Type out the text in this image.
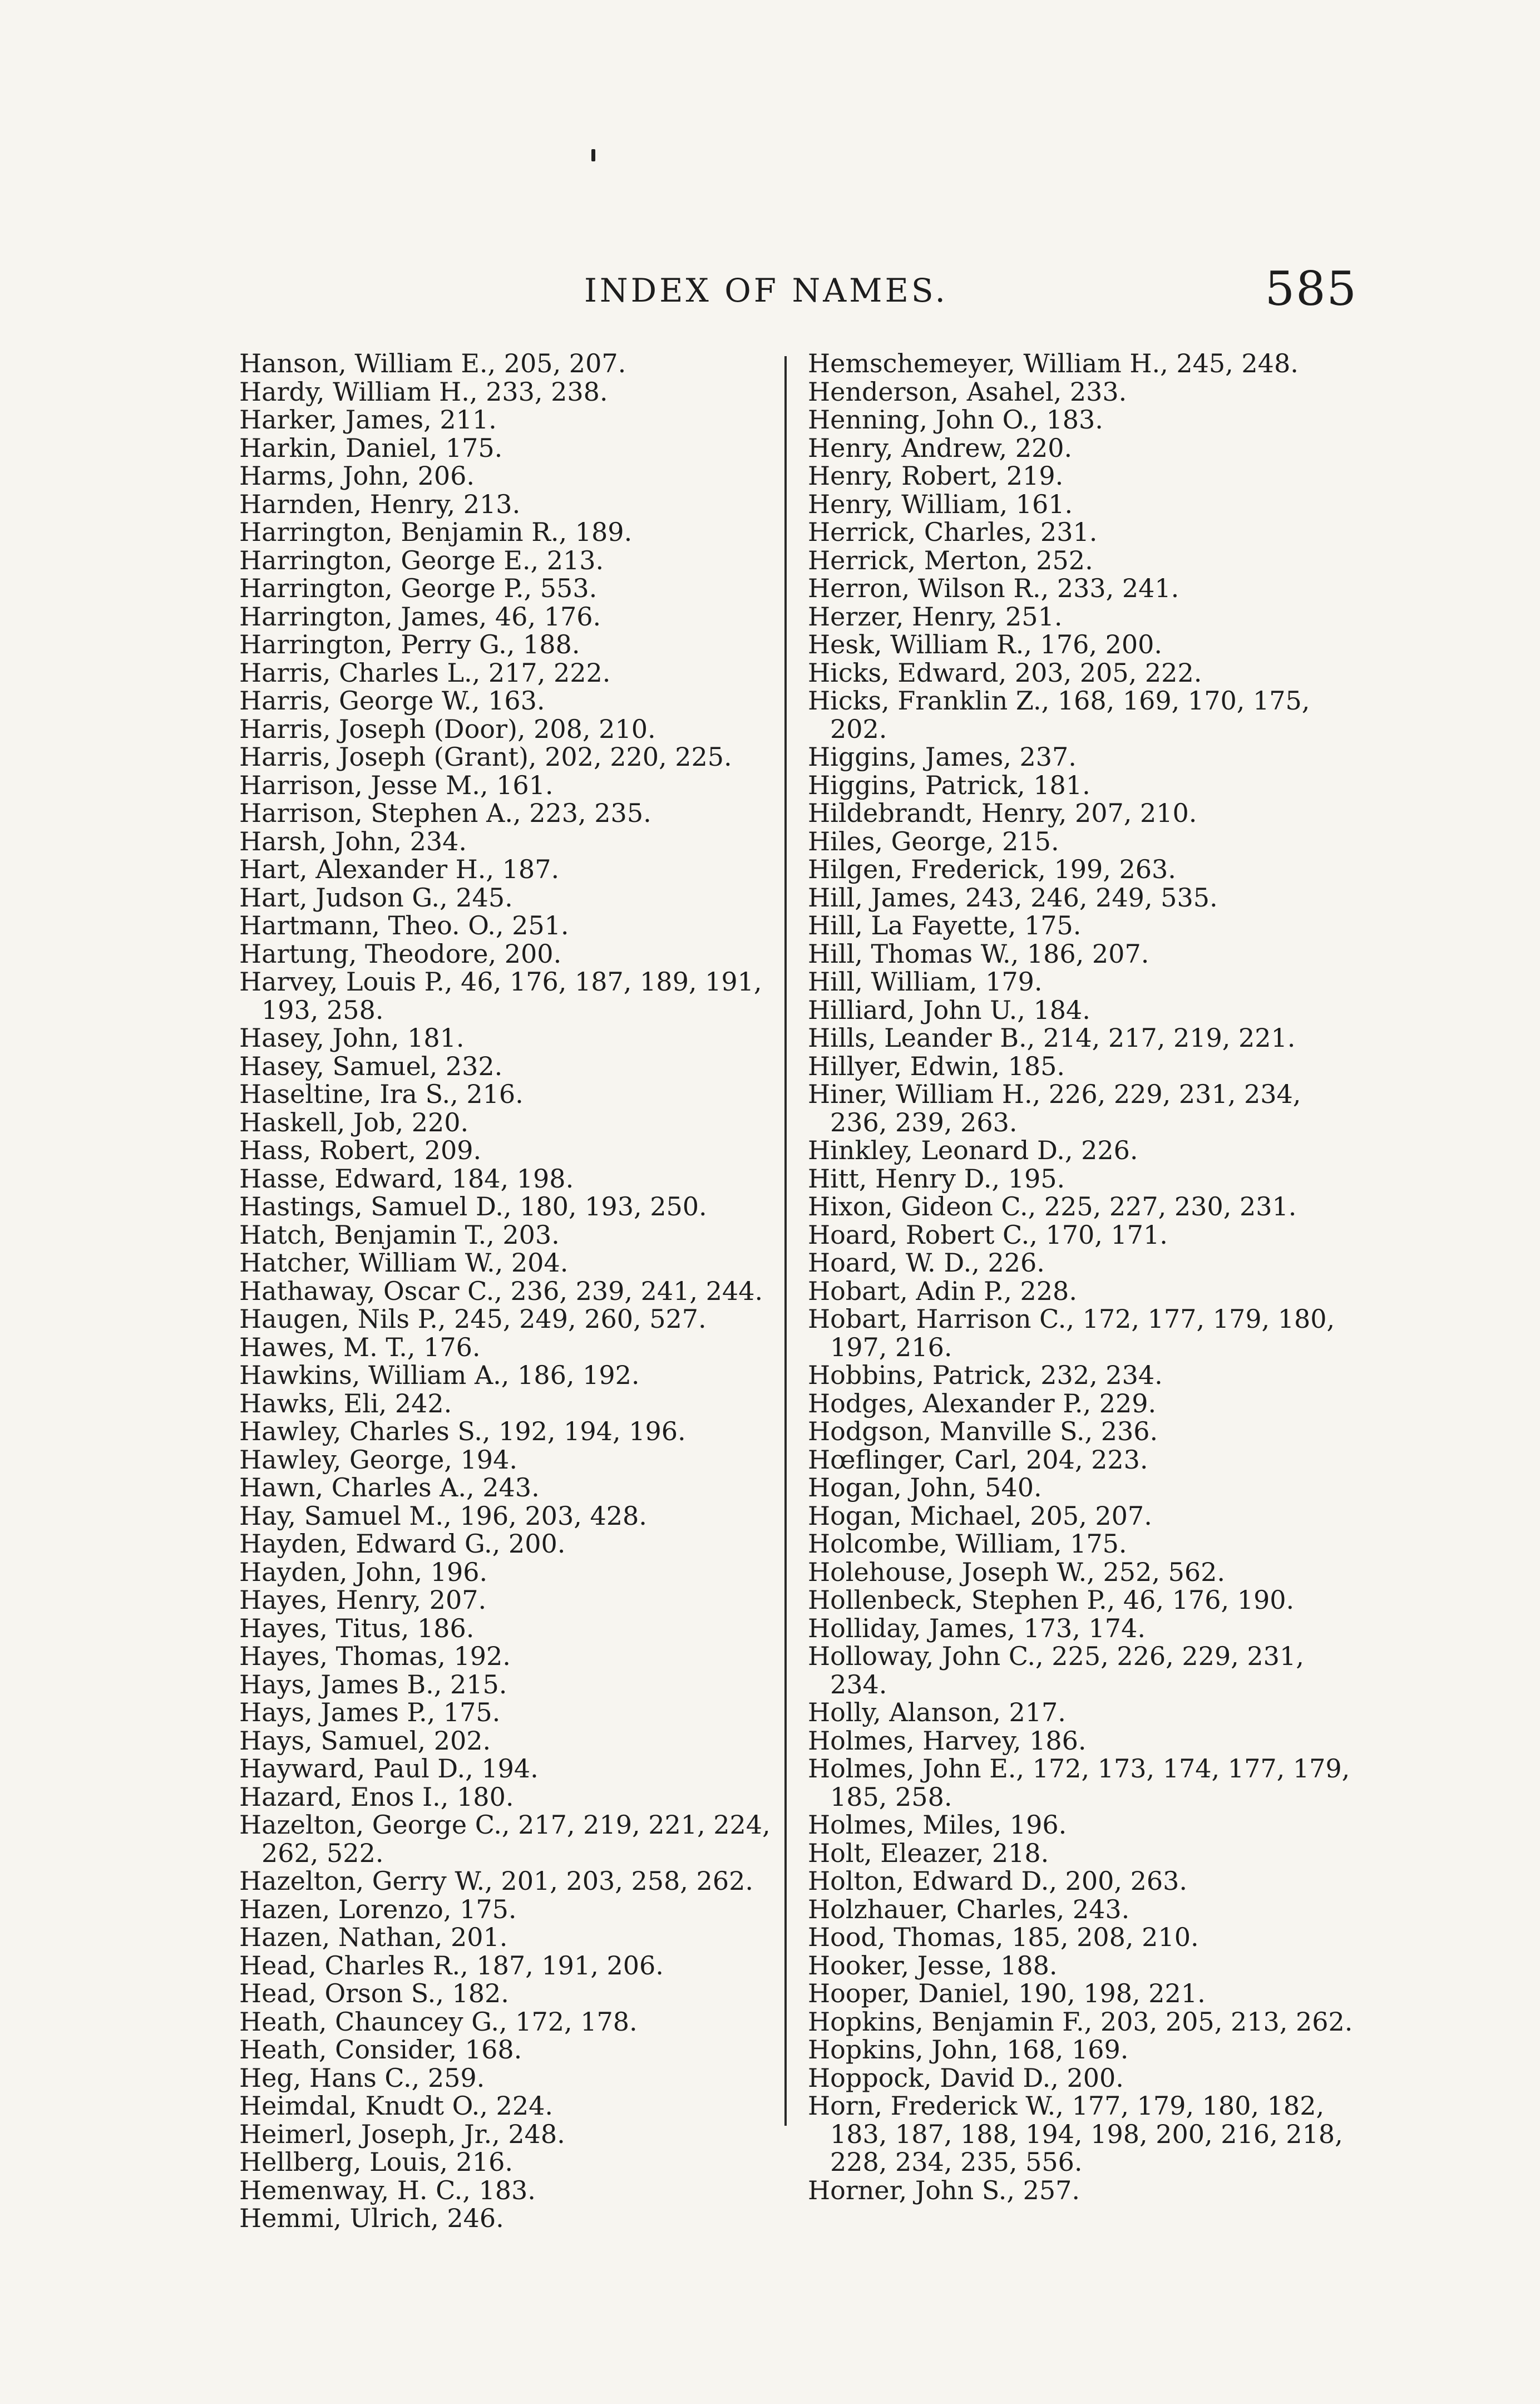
INDEX OF NAMES.	585
Hanson, William E., 205, 207.
Hardy, William H., 233, 238.
Harker, James, 211.
Harkin, Daniel, 175.
Harms, John, 206.
Harnden, Henry, 213.
Harrington, Benjamin R., 189.
Harrington, George E., 213.
Harrington, George P., 553.
Harrington, James, 46, 176.
Harrington, Perry G., 188.
Harris, Charles L., 217, 222.
Harris, George W., 163.
Harris, Joseph (Door), 208, 210.
Harris, Joseph (Grant), 202, 220, 225.
Harrison, Jesse M., 161.
Harrison, Stephen A., 223, 235.
Harsh, John, 234.
Hart, Alexander H., 187.
Hart, Judson G., 245.
Hartmann, Theo. O., 251.
Hartung, Theodore, 200.
Harvey, Louis P., 46, 176, 187, 189, 191, 193, 258.
Hasey, John, 181.
Hasey, Samuel, 232.
Haseltine, Ira S., 216.
Haskell, Job, 220.
Hass, Robert, 209.
Hasse, Edward, 184, 198.
Hastings, Samuel D., 180, 193, 250.
Hatch, Benjamin T., 203.
Hatcher, William W., 204.
Hathaway, Oscar C., 236, 239, 241, 244.
Haugen, Nils P., 245, 249, 260, 527.
Hawes, M. T., 176.
Hawkins, William A., 186, 192.
Hawks, Eli, 242.
Hawley, Charles S., 192, 194, 196.
Hawley, George, 194.
Hawn, Charles A., 243.
Hay, Samuel M., 196, 203, 428.
Hayden, Edward G., 200.
Hayden, John, 196.
Hayes, Henry, 207.
Hayes, Titus, 186.
Hayes, Thomas, 192.
Hays, James B., 215.
Hays, James P., 175.
Hays, Samuel, 202.
Hayward, Paul D., 194.
Hazard, Enos I., 180.
Hazelton, George C., 217, 219, 221, 224, 262, 522.
Hazelton, Gerry W., 201, 203, 258, 262.
Hazen, Lorenzo, 175.
Hazen, Nathan, 201.
Head, Charles R., 187, 191, 206.
Head, Orson S., 182.
Heath, Chauncey G., 172, 178.
Heath, Consider, 168.
Heg, Hans C., 259.
Heimdal, Knudt O., 224.
Heimerl, Joseph, Jr., 248.
Hellberg, Louis, 216.
Hemenway, H. C., 183.
Hemmi, Ulrich, 246.
Hemschemeyer, William H., 245, 248.
Henderson, Asahel, 233.
Henning, John O., 183.
Henry, Andrew, 220.
Henry, Robert, 219.
Henry, William, 161.
Herrick, Charles, 231.
Herrick, Merton, 252.
Herron, Wilson R., 233, 241.
Herzer, Henry, 251.
Hesk, William R., 176, 200.
Hicks, Edward, 203, 205, 222.
Hicks, Franklin Z., 168, 169, 170, 175, 202.
Higgins, James, 237.
Higgins, Patrick, 181.
Hildebrandt, Henry, 207, 210.
Hiles, George, 215.
Hilgen, Frederick, 199, 263.
Hill, James, 243, 246, 249, 535.
Hill, La Fayette, 175.
Hill, Thomas W., 186, 207.
Hill, William, 179.
Hilliard, John U., 184.
Hills, Leander B., 214, 217, 219, 221.
Hillyer, Edwin, 185.
Hiner, William H., 226, 229, 231, 234, 236, 239, 263.
Hinkley, Leonard D., 226.
Hitt, Henry D., 195.
Hixon, Gideon C., 225, 227, 230, 231.
Hoard, Robert C., 170, 171.
Hoard, W. D., 226.
Hobart, Adin P., 228.
Hobart, Harrison C., 172, 177, 179, 180, 197, 216.
Hobbins, Patrick, 232, 234.
Hodges, Alexander P., 229.
Hodgson, Manville S., 236.
Hœflinger, Carl, 204, 223.
Hogan, John, 540.
Hogan, Michael, 205, 207.
Holcombe, William, 175.
Holehouse, Joseph W., 252, 562.
Hollenbeck, Stephen P., 46, 176, 190.
Holliday, James, 173, 174.
Holloway, John C., 225, 226, 229, 231, 234.
Holly, Alanson, 217.
Holmes, Harvey, 186.
Holmes, John E., 172, 173, 174, 177, 179, 185, 258.
Holmes, Miles, 196.
Holt, Eleazer, 218.
Holton, Edward D., 200, 263.
Holzhauer, Charles, 243.
Hood, Thomas, 185, 208, 210.
Hooker, Jesse, 188.
Hooper, Daniel, 190, 198, 221.
Hopkins, Benjamin F., 203, 205, 213, 262.
Hopkins, John, 168, 169.
Hoppock, David D., 200.
Horn, Frederick W., 177, 179, 180, 182, 183, 187, 188, 194, 198, 200, 216, 218, 228, 234, 235, 556.
Horner, John S., 257.
